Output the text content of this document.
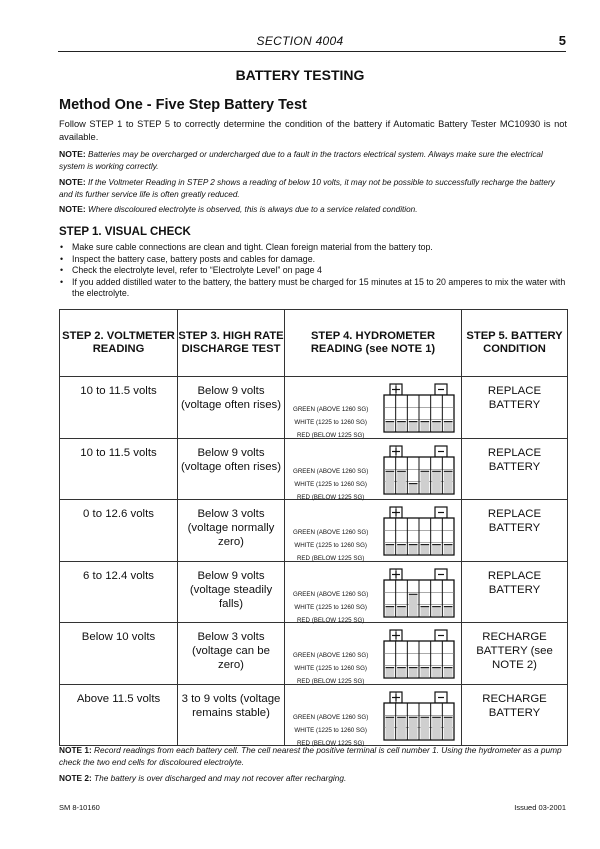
SECTION 4004	5
BATTERY TESTING
Method One - Five Step Battery Test
Follow STEP 1 to STEP 5 to correctly determine the condition of the battery if Automatic Battery Tester MC10930 is not available.
NOTE: Batteries may be overcharged or undercharged due to a fault in the tractors electrical system. Always make sure the electrical system is working correctly.
NOTE: If the Voltmeter Reading in STEP 2 shows a reading of below 10 volts, it may not be possible to successfully recharge the battery and its further service life is often greatly reduced.
NOTE: Where discoloured electrolyte is observed, this is always due to a service related condition.
STEP 1. VISUAL CHECK
• Make sure cable connections are clean and tight. Clean foreign material from the battery top.
• Inspect the battery case, battery posts and cables for damage.
• Check the electrolyte level, refer to “Electrolyte Level” on page 4
• If you added distilled water to the battery, the battery must be charged for 15 minutes at 15 to 20 amperes to mix the water with the electrolyte.
STEP 2. VOLTMETER READING	STEP 3. HIGH RATE DISCHARGE TEST	STEP 4. HYDROMETER READING (see NOTE 1)	STEP 5. BATTERY CONDITION

10 to 11.5 volts	Below 9 volts (voltage often rises)	GREEN (ABOVE 1260 SG)
WHITE (1225 to 1260 SG)
RED (BELOW 1225 SG)	REPLACE BATTERY

10 to 11.5 volts	Below 9 volts (voltage often rises)	GREEN (ABOVE 1260 SG)
WHITE (1225 to 1260 SG)
RED (BELOW 1225 SG)	REPLACE BATTERY

0 to 12.6 volts	Below 3 volts (voltage normally zero)	GREEN (ABOVE 1260 SG)
WHITE (1225 to 1260 SG)
RED (BELOW 1225 SG)	REPLACE BATTERY

6 to 12.4 volts	Below 9 volts (voltage steadily falls)	GREEN (ABOVE 1260 SG)
WHITE (1225 to 1260 SG)
RED (BELOW 1225 SG)	REPLACE BATTERY

Below 10 volts	Below 3 volts (voltage can be zero)	GREEN (ABOVE 1260 SG)
WHITE (1225 to 1260 SG)
RED (BELOW 1225 SG)	RECHARGE BATTERY (see NOTE 2)

Above 11.5 volts	3 to 9 volts (voltage remains stable)	GREEN (ABOVE 1260 SG)
WHITE (1225 to 1260 SG)
RED (BELOW 1225 SG)	RECHARGE BATTERY
NOTE 1: Record readings from each battery cell. The cell nearest the positive terminal is cell number 1. Using the hydrometer as a pump check the two end cells for discoloured electrolyte.
NOTE 2: The battery is over discharged and may not recover after recharging.
SM 8-10160	Issued 03-2001
